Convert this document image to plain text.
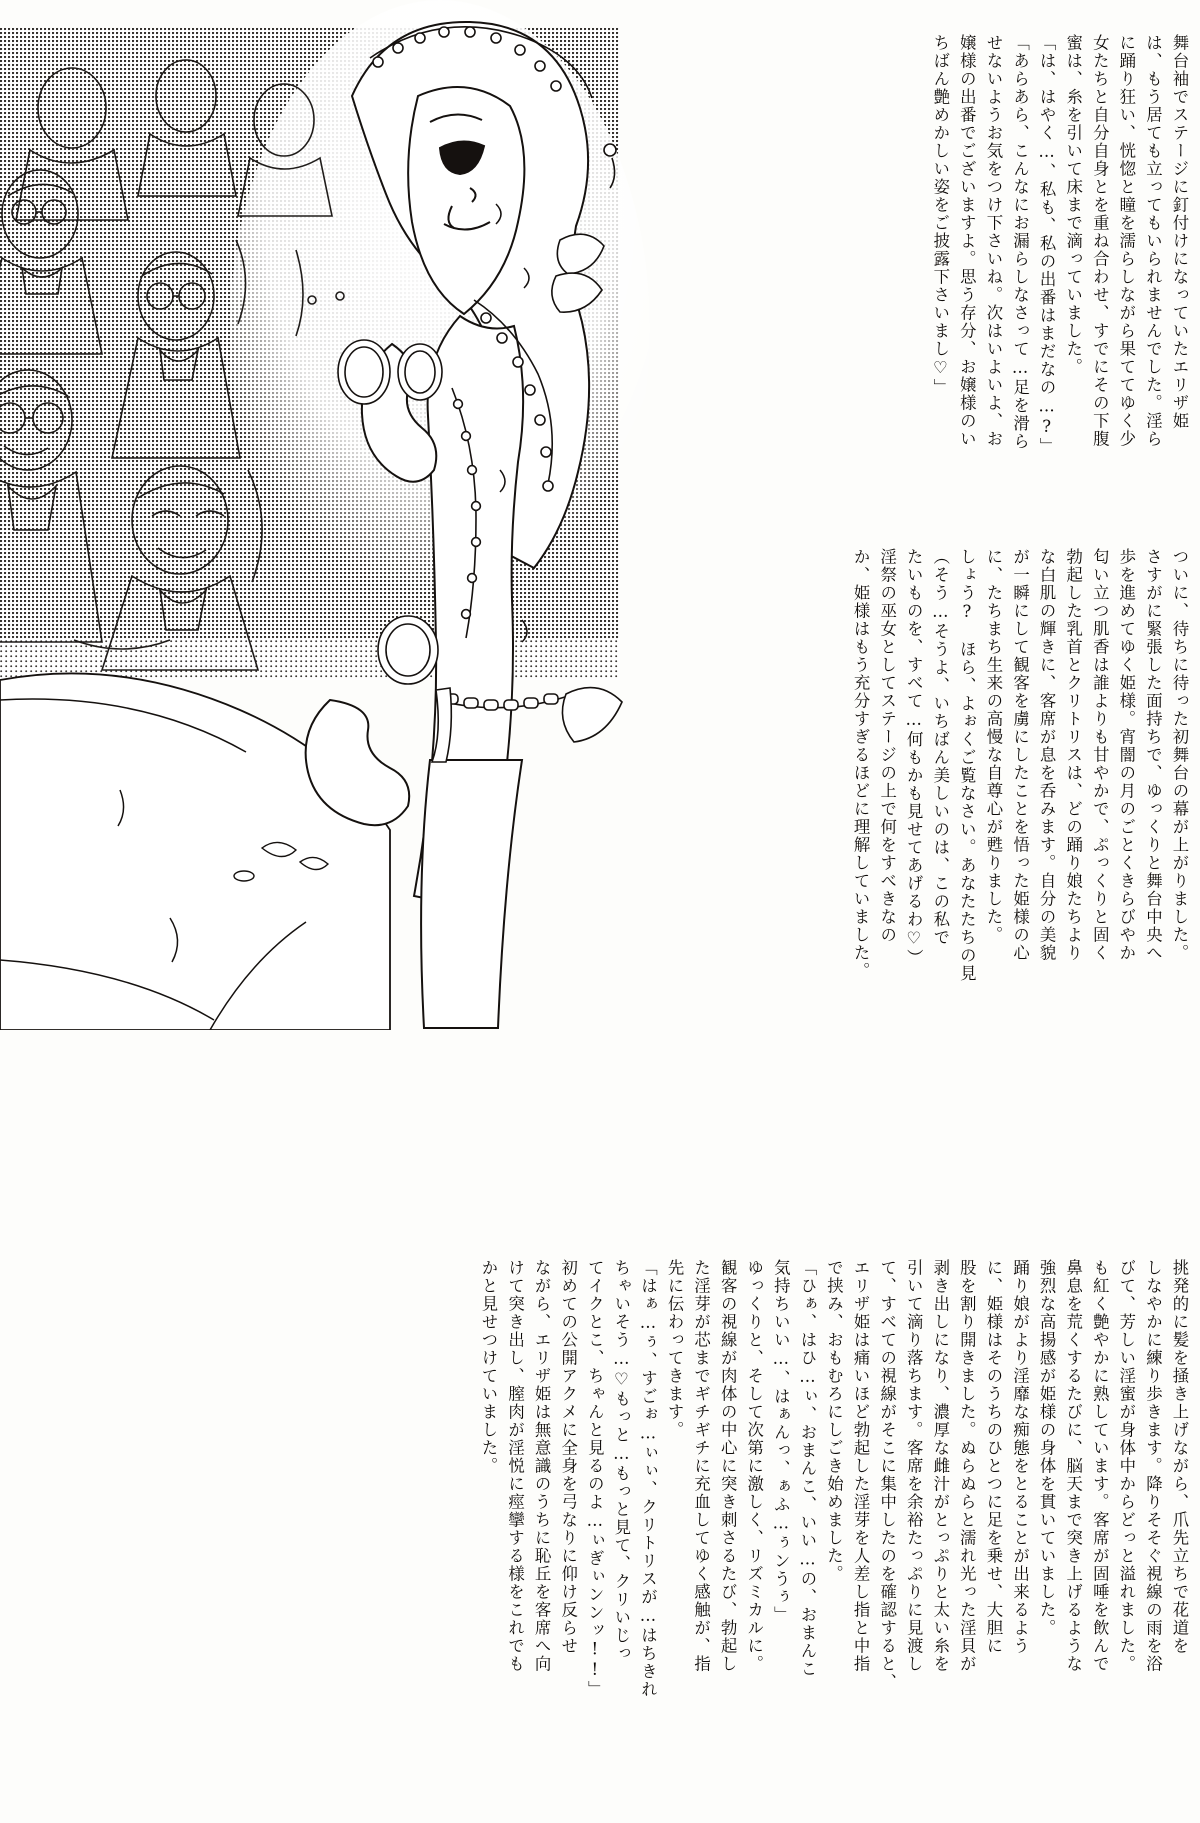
舞台袖でステージに釘付けになっていたエリザ姫
は、もう居ても立ってもいられませんでした。淫ら
に踊り狂い、恍惚と瞳を濡らしながら果ててゆく少
女たちと自分自身とを重ね合わせ、すでにその下腹
蜜は、糸を引いて床まで滴っていました。
「は、はやく…、私も、私の出番はまだなの…?」
「あらあら、こんなにお漏らしなさって…足を滑ら
せないようお気をつけ下さいね。次はいよいよ、お
嬢様の出番でございますよ。思う存分、お嬢様のい
ちばん艶めかしい姿をご披露下さいまし♡」
ついに、待ちに待った初舞台の幕が上がりました。
さすがに緊張した面持ちで、ゆっくりと舞台中央へ
歩を進めてゆく姫様。宵闇の月のごとくきらびやか
匂い立つ肌香は誰よりも甘やかで、ぷっくりと固く
勃起した乳首とクリトリスは、どの踊り娘たちより
な白肌の輝きに、客席が息を呑みます。自分の美貌
が一瞬にして観客を虜にしたことを悟った姫様の心
に、たちまち生来の高慢な自尊心が甦りました。
しょう?　ほら、よぉくご覧なさい。あなたたちの見
（そう…そうよ、いちばん美しいのは、この私で
たいものを、すべて…何もかも見せてあげるわ♡）
淫祭の巫女としてステージの上で何をすべきなの
か、姫様はもう充分すぎるほどに理解していました。
挑発的に髪を掻き上げながら、爪先立ちで花道を
しなやかに練り歩きます。降りそそぐ視線の雨を浴
びて、芳しい淫蜜が身体中からどっと溢れました。
も紅く艶やかに熟しています。客席が固唾を飲んで
鼻息を荒くするたびに、脳天まで突き上げるような
強烈な高揚感が姫様の身体を貫いていました。
踊り娘がより淫靡な痴態をとることが出来るよう
に、姫様はそのうちのひとつに足を乗せ、大胆に
股を割り開きました。ぬらぬらと濡れ光った淫貝が
剥き出しになり、濃厚な雌汁がとっぷりと太い糸を
引いて滴り落ちます。客席を余裕たっぷりに見渡し
て、すべての視線がそこに集中したのを確認すると、
エリザ姫は痛いほど勃起した淫芽を人差し指と中指
で挟み、おもむろにしごき始めました。
「ひぁ、はひ…ぃ、おまんこ、いい…の、おまんこ
気持ちいい…、はぁんっ、ぁふ…ぅンうぅ」
ゆっくりと、そして次第に激しく、リズミカルに。
観客の視線が肉体の中心に突き刺さるたび、勃起し
た淫芽が芯までギチギチに充血してゆく感触が、指
先に伝わってきます。
「はぁ…ぅ、すごぉ…ぃぃ、クリトリスが…はちきれ
ちゃいそう…♡もっと…もっと見て、クリいじっ
てイクとこ、ちゃんと見るのよ…ぃぎぃンンッ!!」
初めての公開アクメに全身を弓なりに仰け反らせ
ながら、エリザ姫は無意識のうちに恥丘を客席へ向
けて突き出し、膣肉が淫悦に痙攣する様をこれでも
かと見せつけていました。
